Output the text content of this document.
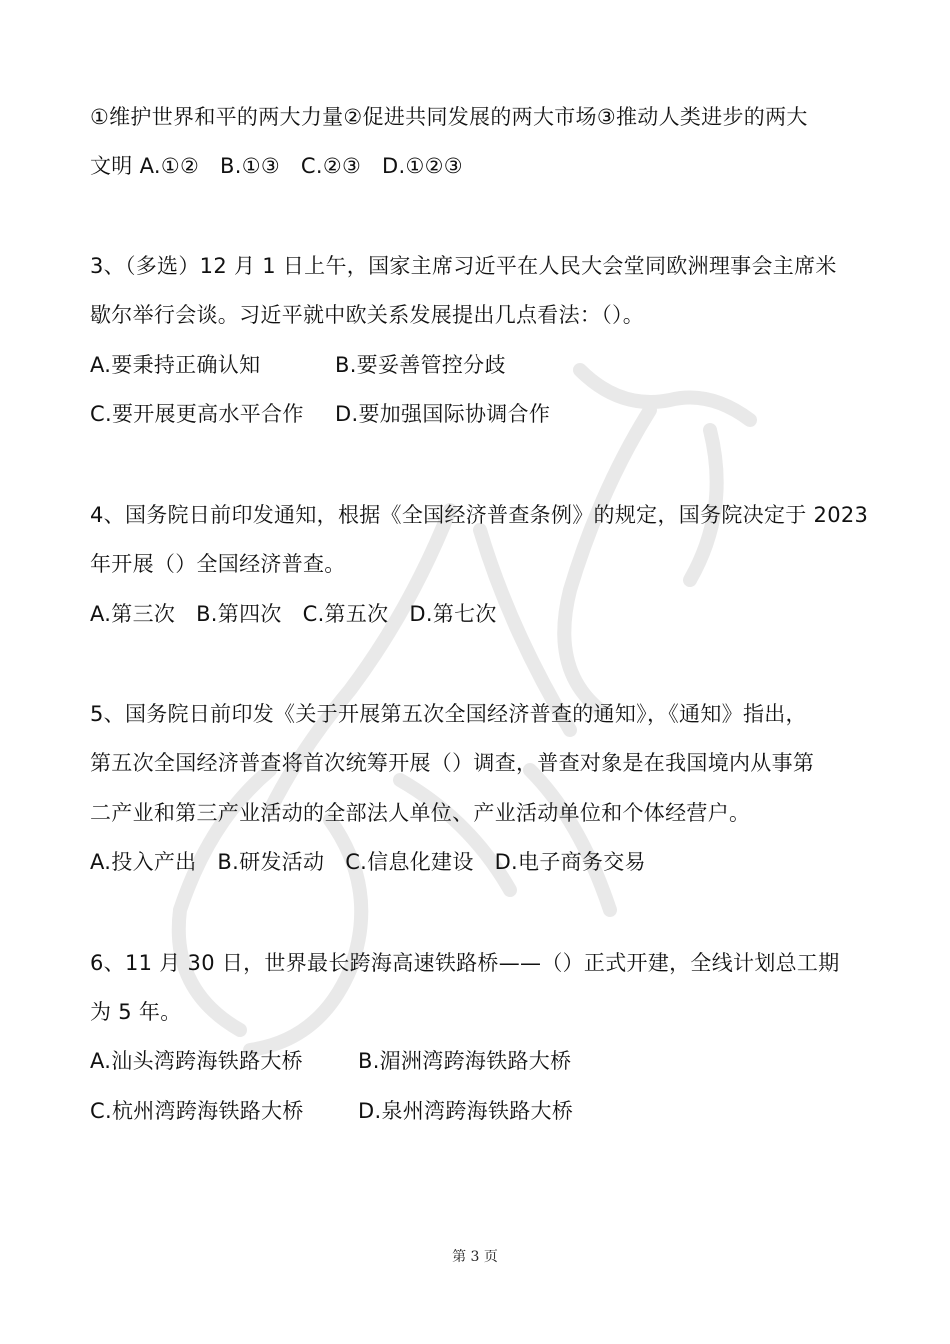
①维护世界和平的两大力量②促进共同发展的两大市场③推动人类进步的两大
文明 A.①②   B.①③   C.②③   D.①②③
3、（多选）12 月 1 日上午，国家主席习近平在人民大会堂同欧洲理事会主席米
歇尔举行会谈。习近平就中欧关系发展提出几点看法：（）。
A.要秉持正确认知	B.要妥善管控分歧
C.要开展更高水平合作 D.要加强国际协调合作
4、国务院日前印发通知，根据《全国经济普查条例》的规定，国务院决定于 2023
年开展（）全国经济普查。
A.第三次   B.第四次   C.第五次   D.第七次
5、国务院日前印发《关于开展第五次全国经济普查的通知》，《通知》指出，
第五次全国经济普查将首次统筹开展（）调查，普查对象是在我国境内从事第
二产业和第三产业活动的全部法人单位、产业活动单位和个体经营户。
A.投入产出   B.研发活动   C.信息化建设   D.电子商务交易
6、11 月 30 日，世界最长跨海高速铁路桥——（）正式开建，全线计划总工期
为 5 年。
A.汕头湾跨海铁路大桥	B.湄洲湾跨海铁路大桥
C.杭州湾跨海铁路大桥	D.泉州湾跨海铁路大桥
第 3 页
